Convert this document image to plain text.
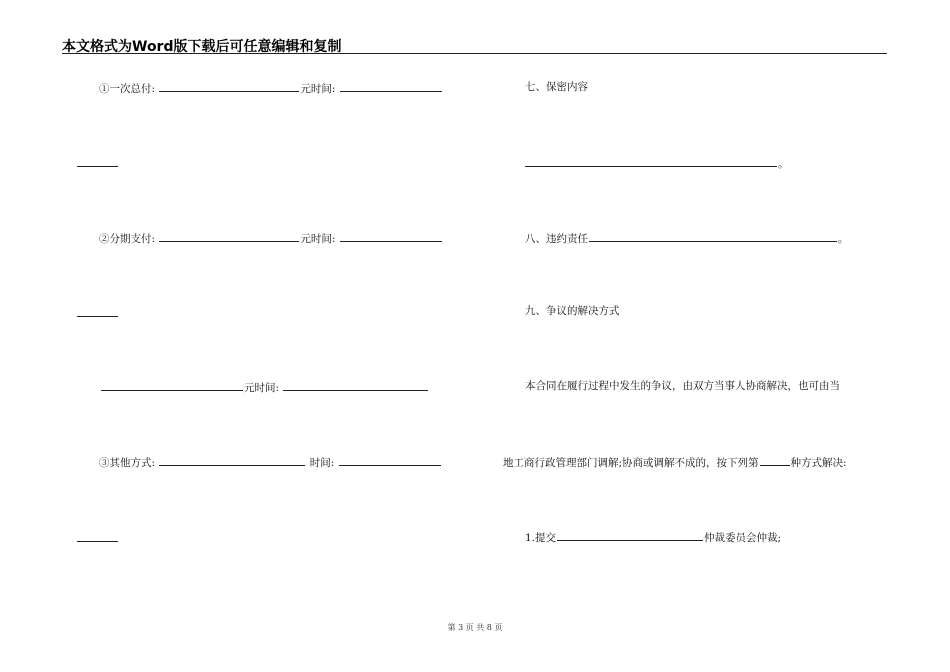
本文格式为Word版下载后可任意编辑和复制
①一次总付:	元时间:
②分期支付:	元时间:
元时间:
③其他方式:	时间:
七、保密内容
。
八、违约责任	。
九、争议的解决方式
本合同在履行过程中发生的争议，由双方当事人协商解决，也可由当
地工商行政管理部门调解;协商或调解不成的，按下列第	种方式解决:
1.提交	仲裁委员会仲裁;
第 3 页 共 8 页
